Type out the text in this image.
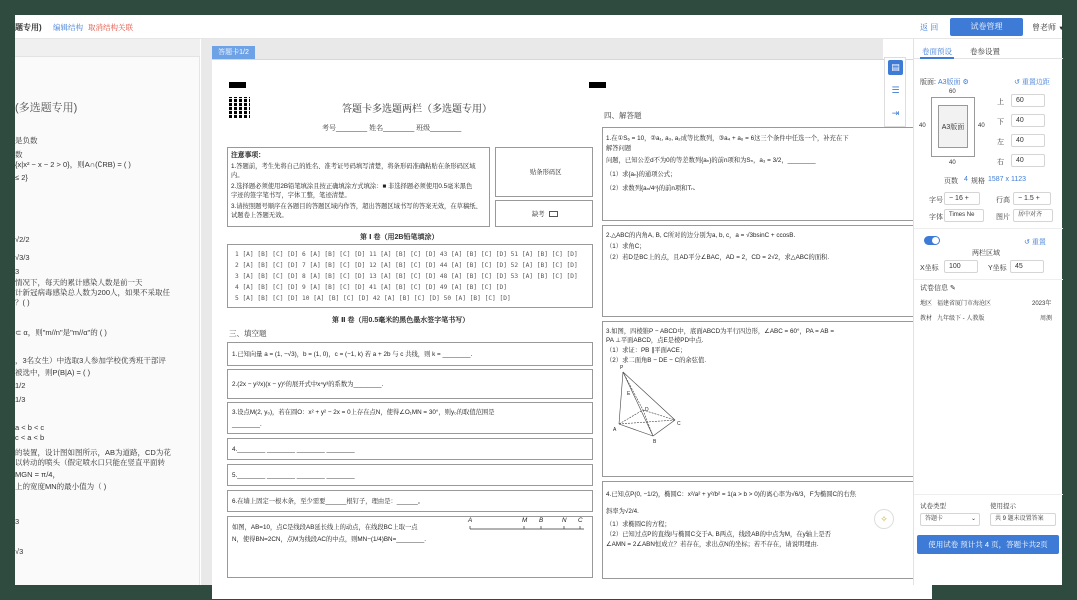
题专用) 编辑结构 取消结构关联	返 回	试卷管理	曾老师 ▼
(多选题专用)
是负数
数
{x|x² − x − 2 > 0}，则A∩(∁RB) = ( )
≤ 2}
√2/2
√3/3
3
情况下，每天的累计感染人数是前一天
计新冠病毒感染总人数为200人，如果不采取任
？( )
⊂ α，则"m//n"是"m//α"的 ( )
，3名女生）中选取3人参加学校优秀班干部评
被选中，则P(B|A) = ( )
1/2
1/3
a < b < c
c < a < b
的装置，设计图如图所示，AB为道路，CD为花
以转动的喷头（假定喷水口只能在竖直平面转
MGN = π/4，
上的宽度MN的最小值为（ )
3
√3
答题卡1/2
答题卡多选题两栏（多选题专用）
考号________ 姓名________ 班级________
注意事项：
1.答题前，考生先将自己的姓名、准考证号码填写清楚，将条形码准确粘贴在条形码区域
内。
2.选择题必须使用2B铅笔填涂且按正确填涂方式填涂：■ 非选择题必须使用0.5毫米黑色
字迹的签字笔书写，字体工整，笔迹清楚。
3.请按照题号顺序在各题目的答题区域内作答，超出答题区域书写的答案无效，在草稿纸、
试题卷上答题无效。
贴条形码区
缺考
第 Ⅰ 卷（用2B铅笔填涂）
1 [A] [B] [C] [D] 6 [A] [B] [C] [D] 11 [A] [B] [C] [D] 43 [A] [B] [C] [D] 51 [A] [B] [C] [D]
2 [A] [B] [C] [D] 7 [A] [B] [C] [D] 12 [A] [B] [C] [D] 44 [A] [B] [C] [D] 52 [A] [B] [C] [D]
3 [A] [B] [C] [D] 8 [A] [B] [C] [D] 13 [A] [B] [C] [D] 48 [A] [B] [C] [D] 53 [A] [B] [C] [D]
4 [A] [B] [C] [D] 9 [A] [B] [C] [D] 41 [A] [B] [C] [D] 49 [A] [B] [C] [D]
5 [A] [B] [C] [D] 10 [A] [B] [C] [D] 42 [A] [B] [C] [D] 50 [A] [B] [C] [D]
第 Ⅱ 卷（用0.5毫米的黑色墨水签字笔书写）
三、填空题
1.已知向量 a = (1, −√3)，b = (1, 0)，c = (−1, k) 若 a + 2b 与 c 共线，则 k = ________.
2.(2x − y²/x)(x − y)⁶的展开式中x⁴y³的系数为________.
3.设点M(2, y₀)，若在圆O：x² + y² − 2x = 0上存在点N，使得∠O₁MN = 30°，则y₀的取值范围是
________.
4.________ ________ ________ ________
5.________ ________ ________ ________
6.在墙上固定一根木条，至少需要______根钉子，理由是：______。
如图，AB=10，点C是线段AB延长线上的动点，在线段BC上取一点
N，使得BN=2CN，点M为线段AC的中点，则MN−(1/4)BN=________.
A	M B	N C
四、解答题
1.在①S₆ = 10，②a₁, a₃, a₂成等比数列，③a₄ + a₆ = 6这三个条件中任选一个，补充在下
解答问题
问题，已知公差d不为0的等差数列{aₙ}的前n项和为Sₙ，a₃ = 3/2，________
（1）求{aₙ}的通项公式；
（2）求数列{aₙ/4ⁿ}的前n项和Tₙ.
2.△ABC的内角A, B, C所对的边分别为a, b, c，a = √3bsinC + ccosB.
（1）求角C；
（2）若D是BC上的点，且AD平分∠BAC，AD = 2，CD = 2√2，求△ABC的面积.
3.如图，四棱锥P − ABCD中，底面ABCD为平行四边形，∠ABC = 60°，PA = AB =
PA ⊥平面ABCD，点E是棱PD中点.
（1）求证：PB ∥平面ACE；
（2）求二面角B − DE − C的余弦值.
P
A
B
C
D
E
4.已知点P(0, −1/2)，椭圆C：x²/a² + y²/b² = 1(a > b > 0)的离心率为√6/3，F为椭圆C的右焦
斜率为√2/4.
（1）求椭圆C的方程；
（2）已知过点P的直线l与椭圆C交于A, B两点，线段AB的中点为M，在y轴上是否
∠AMN = 2∠ABN恒成立？若存在，求出点N的坐标；若不存在，请说明理由.
▤
☰
⇥
✧
卷面预设 卷参设置
版面: A3版面 ⚙	↺ 重置边距
60
40	40
40
A3版面
上	60
下	40
左	40
右	40
页数 4 规格 1587 x 1123
字号 − 16 +	行高	− 1.5 +
字体	Times Ne	图片	居中对齐
↺ 重置
两栏区域
X坐标	100	Y坐标	45
试卷信息 ✎
地区 福建省厦门市海沧区	2023年
教材 九年级下 - 人教版	周测
试卷类型	使用提示
答题卡	⌄	共 9 题未设置答案
使用试卷 预计共 4 页，答题卡共2页
